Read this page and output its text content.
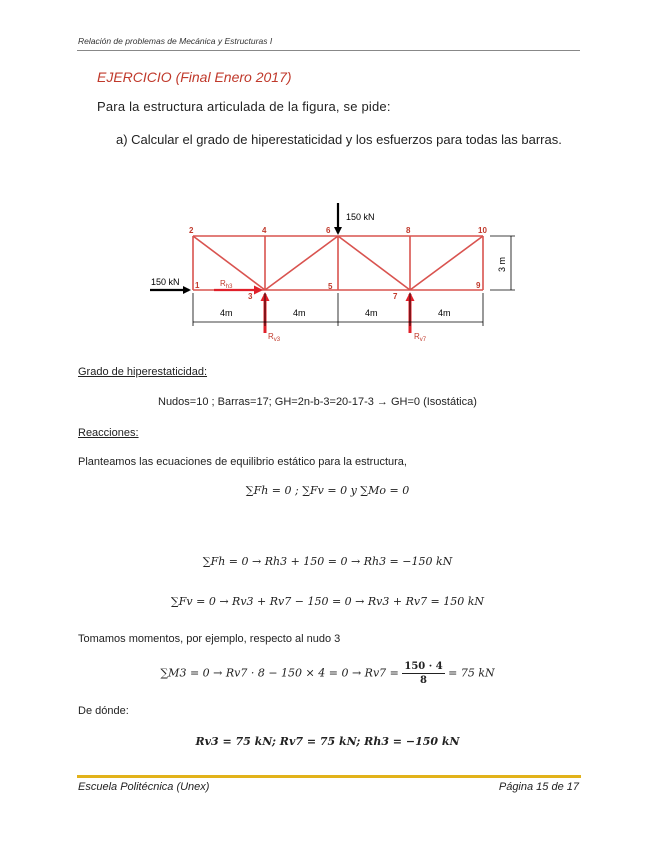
Relación de problemas de Mecánica y Estructuras I
EJERCICIO (Final Enero 2017)
Para la estructura articulada de la figura, se pide:
a) Calcular el grado de hiperestaticidad y los esfuerzos para todas las barras.
1
2
3
4
5
6
7
8
9
10
150 kN
150 kN	$R_{h3}$
$R_{v3}$	$R_{v7}$
4m	4m	4m	4m
3 m
Grado de hiperestaticidad:
Nudos=10 ; Barras=17; GH=2n-b-3=20-17-3 → GH=0 (Isostática)
Reacciones:
Planteamos las ecuaciones de equilibrio estático para la estructura,
∑Fh = 0 ; ∑Fv = 0 y ∑Mo = 0
∑Fh = 0 → Rh3 + 150 = 0 → Rh3 = −150 kN
∑Fv = 0 → Rv3 + Rv7 − 150 = 0 → Rv3 + Rv7 = 150 kN
Tomamos momentos, por ejemplo, respecto al nudo 3
$\sum M3 = 0 \to Rv7 \cdot 8 - 150 \times 4 = 0 \to Rv7 = \frac{150 \cdot 4}{8} = 75$ kN
De dónde:
Rv3 = 75 kN; Rv7 = 75 kN; Rh3 = −150 kN
Escuela Politécnica (Unex)	Página 15 de 17
